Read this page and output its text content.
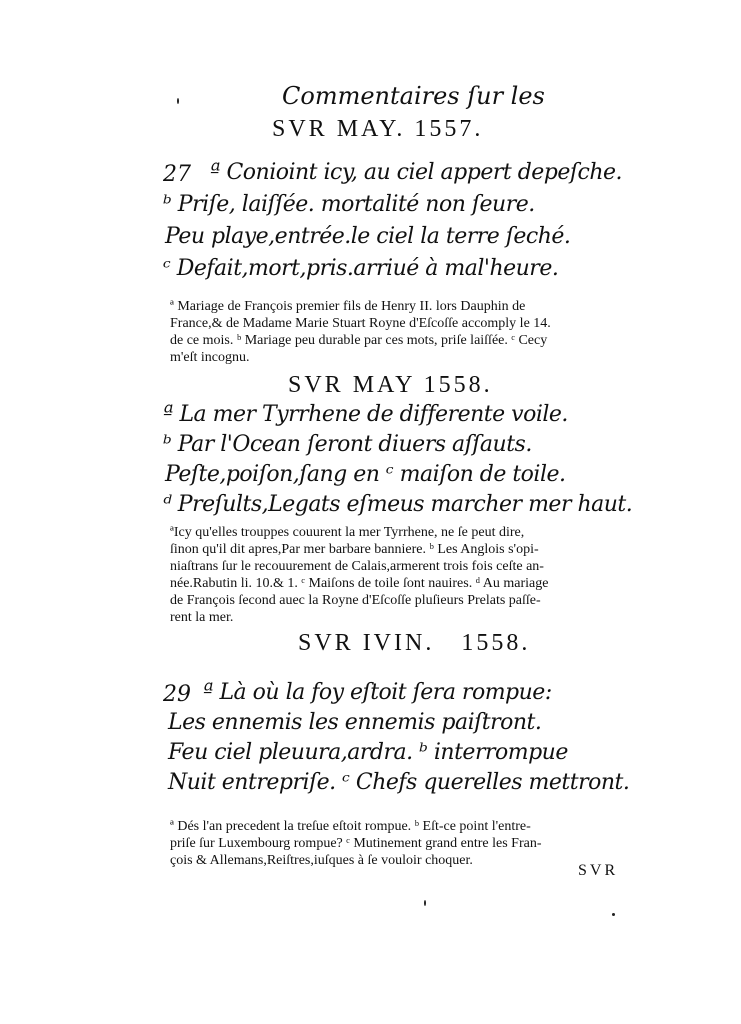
Commentaires ſur les
SVR MAY. 1557.
27 ª Conioint icy, au ciel appert depeſche.
ᵇ Priſe, laiſſée. mortalité non ſeure.
Peu playe,entrée.le ciel la terre ſeché.
ᶜ Defait,mort,pris.arriué à mal'heure.
ª Mariage de François premier fils de Henry II. lors Dauphin de
France,& de Madame Marie Stuart Royne d'Eſcoſſe accomply le 14.
de ce mois. ᵇ Mariage peu durable par ces mots, priſe laiſſée. ᶜ Cecy
m'eſt incognu.
SVR MAY 1558.
ª La mer Tyrrhene de differente voile.
ᵇ Par l'Ocean ſeront diuers aſſauts.
Peſte,poiſon,ſang en ᶜ maiſon de toile.
ᵈ Preſults,Legats eſmeus marcher mer haut.
ªIcy qu'elles trouppes couurent la mer Tyrrhene, ne ſe peut dire,
ſinon qu'il dit apres,Par mer barbare banniere. ᵇ Les Anglois s'opi-
niaſtrans ſur le recouurement de Calais,armerent trois fois ceſte an-
née.Rabutin li. 10.& 1. ᶜ Maiſons de toile ſont nauires. ᵈ Au mariage
de François ſecond auec la Royne d'Eſcoſſe pluſieurs Prelats paſſe-
rent la mer.
SVR IVIN.   1558.
29 ª Là où la foy eſtoit ſera rompue:
Les ennemis les ennemis paiſtront.
Feu ciel pleuura,ardra. ᵇ interrompue
Nuit entrepriſe. ᶜ Chefs querelles mettront.
ª Dés l'an precedent la treſue eſtoit rompue. ᵇ Eſt-ce point l'entre-
priſe ſur Luxembourg rompue? ᶜ Mutinement grand entre les Fran-
çois & Allemans,Reiſtres,iuſques à ſe vouloir choquer.
SVR
